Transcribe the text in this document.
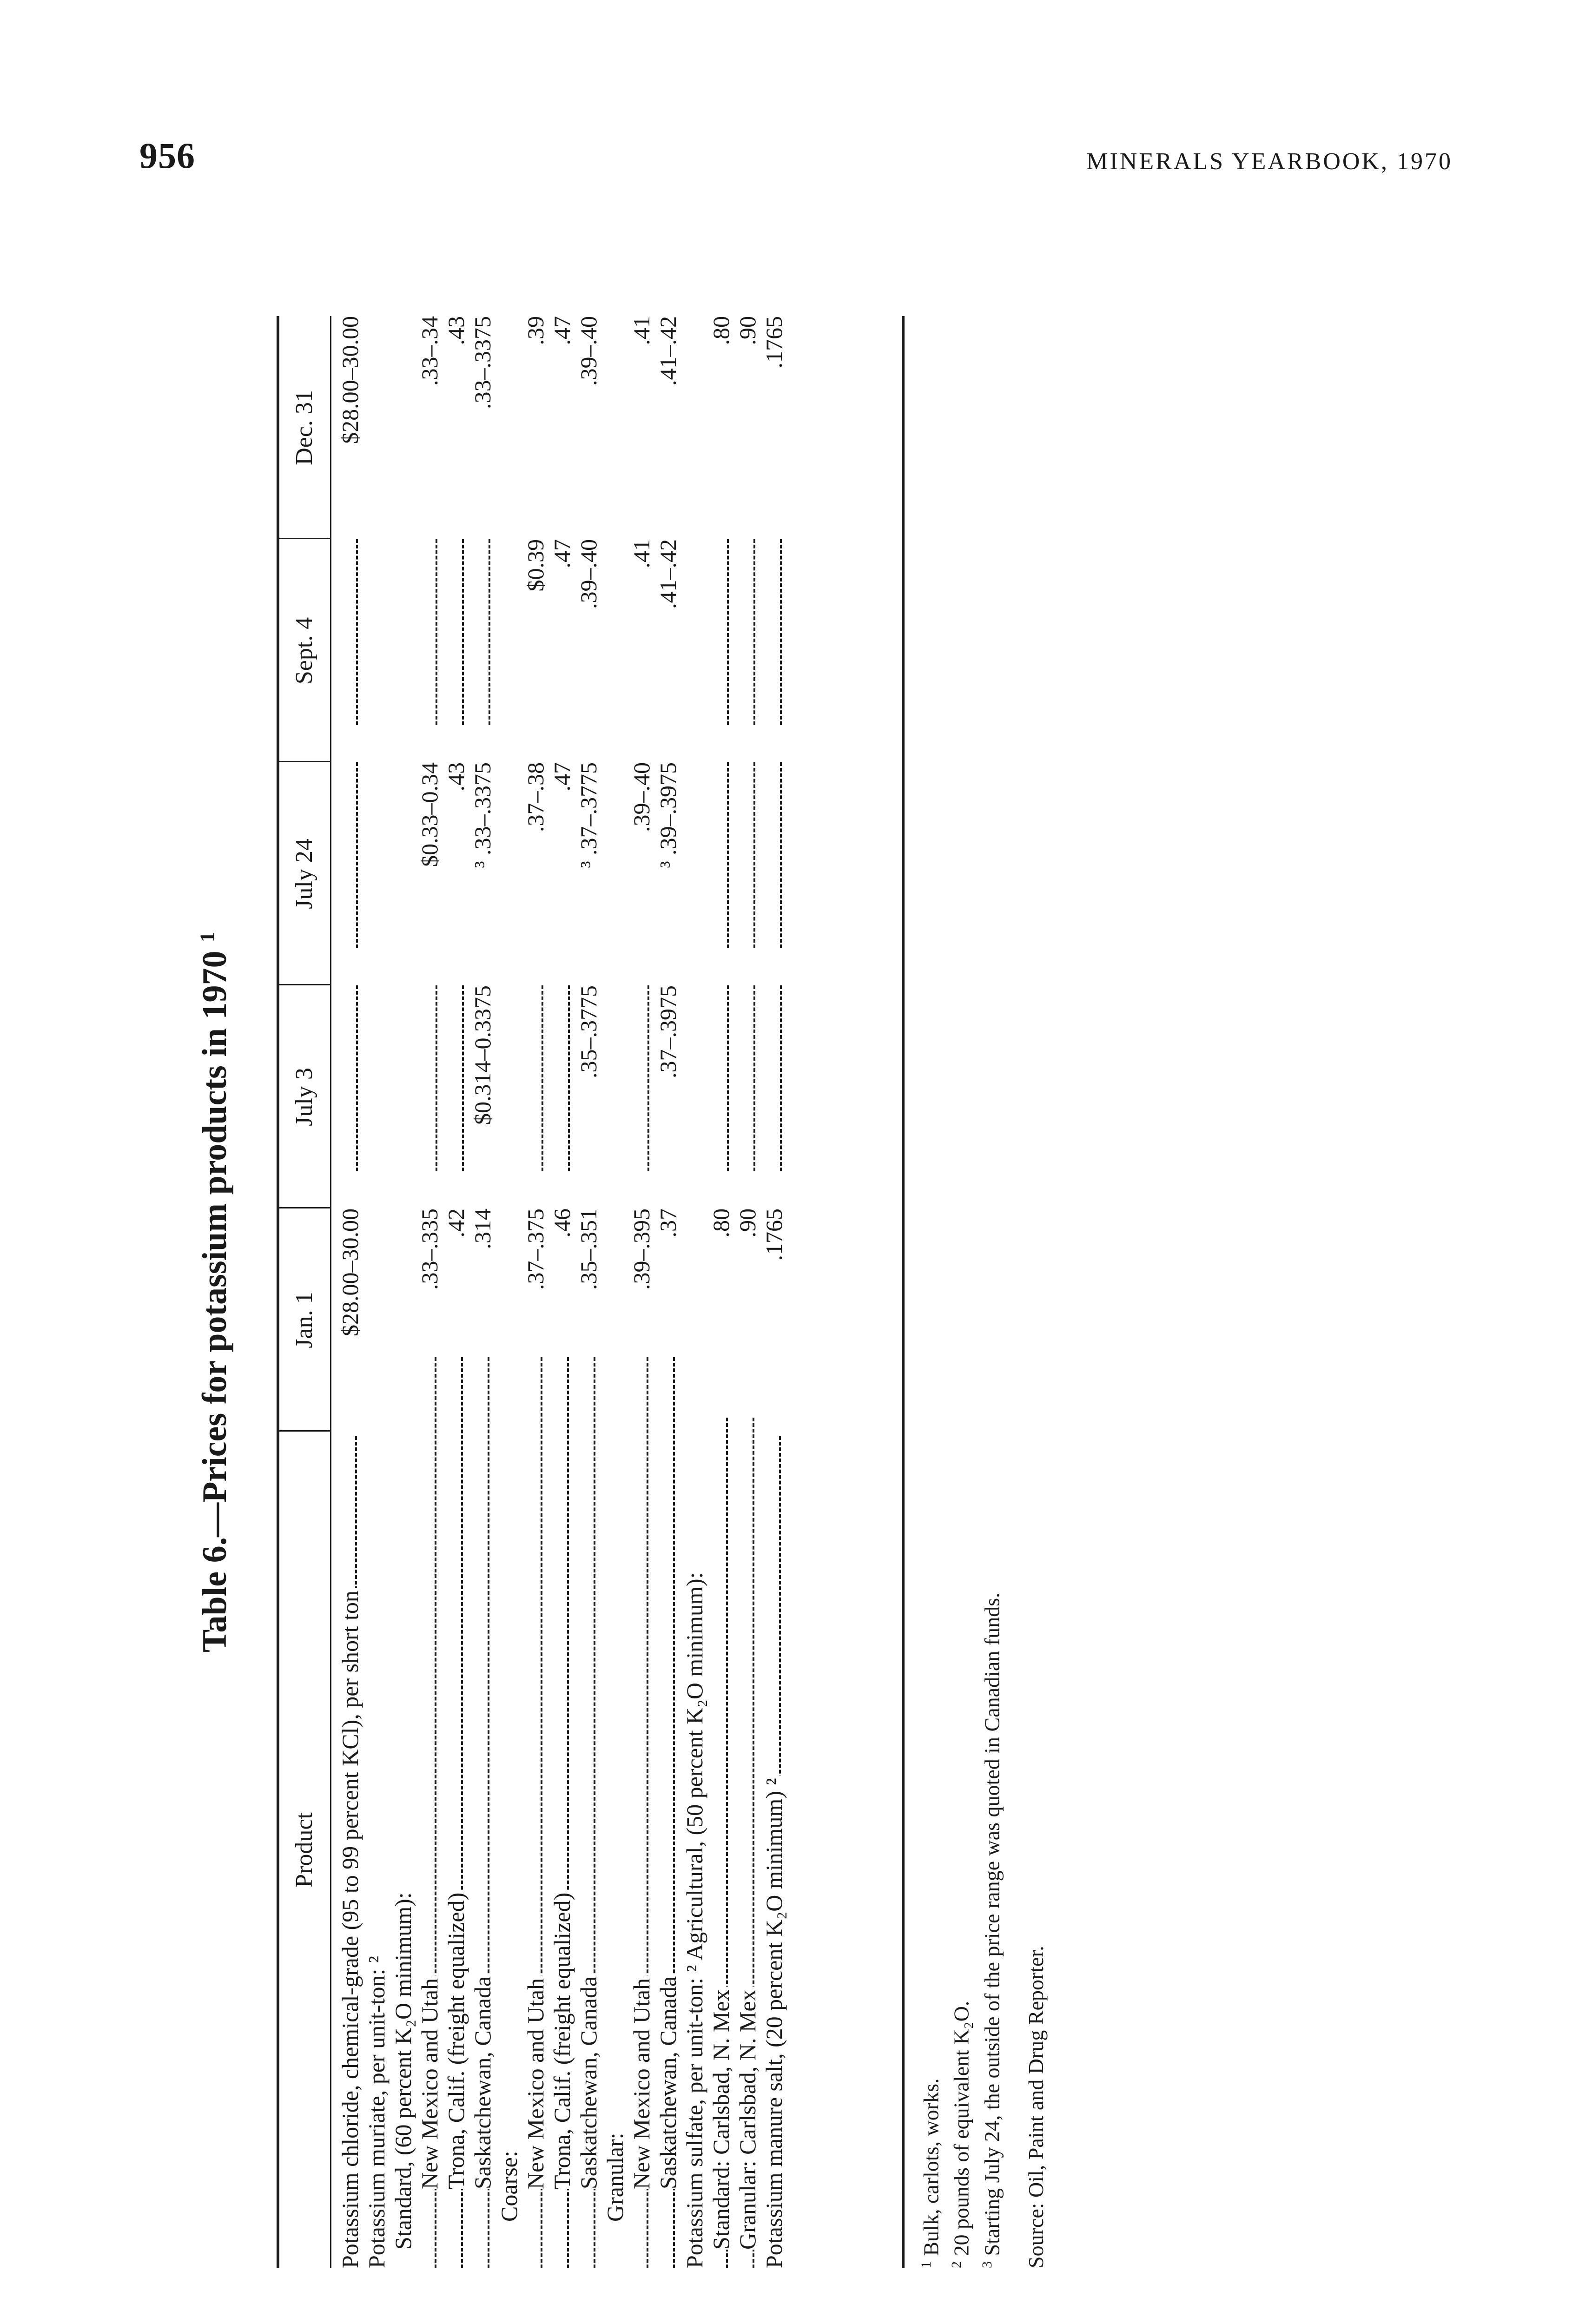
956	MINERALS YEARBOOK, 1970
Table 6.—Prices for potassium products in 1970 $^1$
Product
Jan. 1
July 3
July 24
Sept. 4
Dec. 31
Potassium chloride, chemical-grade (95 to 99 percent KCl), per short ton
$28.00–30.00
$28.00–30.00
Potassium muriate, per unit-ton: ² Standard, (60 percent K₂O minimum): New Mexico and Utah
.33–.335
$0.33–0.34
.33–.34
Trona, Calif. (freight equalized)
.42
.43
.43
Saskatchewan, Canada
.314
$0.314–0.3375
³ .33–.3375
.33–.3375
Coarse: New Mexico and Utah
.37–.375
.37–.38
$0.39
.39
Trona, Calif. (freight equalized)
.46
.47
.47
.47
Saskatchewan, Canada
.35–.351
.35–.3775
³ .37–.3775
.39–.40
.39–.40
Granular: New Mexico and Utah
.39–.395
.39–.40
.41
.41
Saskatchewan, Canada
.37
.37–.3975
³ .39–.3975
.41–.42
.41–.42
Potassium sulfate, per unit-ton: ² Agricultural, (50 percent K₂O minimum): Standard: Carlsbad, N. Mex
.80
.80
Granular: Carlsbad, N. Mex
.90
.90
Potassium manure salt, (20 percent K₂O minimum) ²
.1765
.1765
$^1$ Bulk, carlots, works.
$^2$ 20 pounds of equivalent K₂O.
$^3$ Starting July 24, the outside of the price range was quoted in Canadian funds. Source: Oil, Paint and Drug Reporter.
